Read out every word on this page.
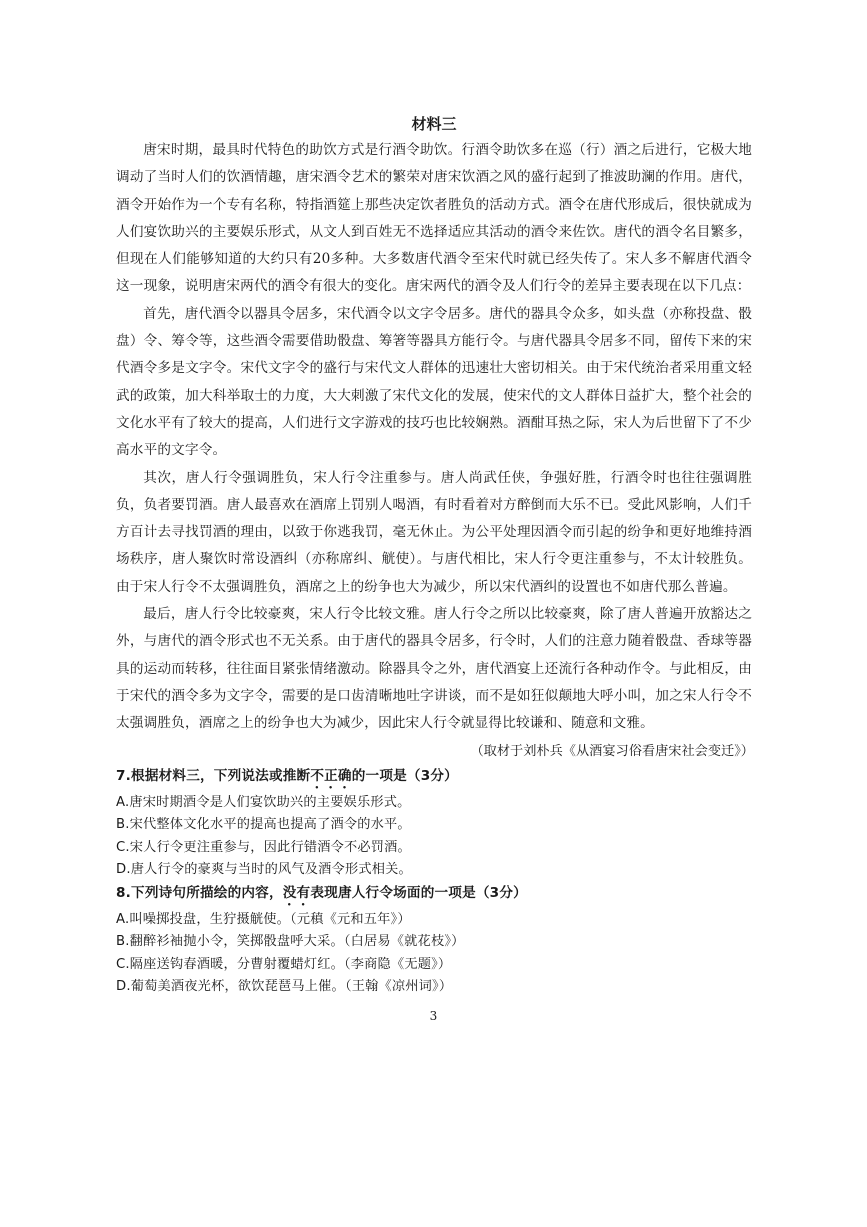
材料三

唐宋时期，最具时代特色的助饮方式是行酒令助饮。行酒令助饮多在巡（行）酒之后进行，它极大地调动了当时人们的饮酒情趣，唐宋酒令艺术的繁荣对唐宋饮酒之风的盛行起到了推波助澜的作用。唐代，酒令开始作为一个专有名称，特指酒筵上那些决定饮者胜负的活动方式。酒令在唐代形成后，很快就成为人们宴饮助兴的主要娱乐形式，从文人到百姓无不选择适应其活动的酒令来佐饮。唐代的酒令名目繁多，但现在人们能够知道的大约只有20多种。大多数唐代酒令至宋代时就已经失传了。宋人多不解唐代酒令这一现象，说明唐宋两代的酒令有很大的变化。唐宋两代的酒令及人们行令的差异主要表现在以下几点：

首先，唐代酒令以器具令居多，宋代酒令以文字令居多。唐代的器具令众多，如头盘（亦称投盘、骰盘）令、筹令等，这些酒令需要借助骰盘、筹箸等器具方能行令。与唐代器具令居多不同，留传下来的宋代酒令多是文字令。宋代文字令的盛行与宋代文人群体的迅速壮大密切相关。由于宋代统治者采用重文轻武的政策，加大科举取士的力度，大大刺激了宋代文化的发展，使宋代的文人群体日益扩大，整个社会的文化水平有了较大的提高，人们进行文字游戏的技巧也比较娴熟。酒酣耳热之际，宋人为后世留下了不少高水平的文字令。

其次，唐人行令强调胜负，宋人行令注重参与。唐人尚武任侠，争强好胜，行酒令时也往往强调胜负，负者要罚酒。唐人最喜欢在酒席上罚别人喝酒，有时看着对方醉倒而大乐不已。受此风影响，人们千方百计去寻找罚酒的理由，以致于你逃我罚，毫无休止。为公平处理因酒令而引起的纷争和更好地维持酒场秩序，唐人聚饮时常设酒纠（亦称席纠、觥使）。与唐代相比，宋人行令更注重参与，不太计较胜负。由于宋人行令不太强调胜负，酒席之上的纷争也大为减少，所以宋代酒纠的设置也不如唐代那么普遍。

最后，唐人行令比较豪爽，宋人行令比较文雅。唐人行令之所以比较豪爽，除了唐人普遍开放豁达之外，与唐代的酒令形式也不无关系。由于唐代的器具令居多，行令时，人们的注意力随着骰盘、香球等器具的运动而转移，往往面目紧张情绪激动。除器具令之外，唐代酒宴上还流行各种动作令。与此相反，由于宋代的酒令多为文字令，需要的是口齿清晰地吐字讲谈，而不是如狂似颠地大呼小叫，加之宋人行令不太强调胜负，酒席之上的纷争也大为减少，因此宋人行令就显得比较谦和、随意和文雅。

（取材于刘朴兵《从酒宴习俗看唐宋社会变迁》）

7.根据材料三，下列说法或推断不正确的一项是（3分）

A.唐宋时期酒令是人们宴饮助兴的主要娱乐形式。

B.宋代整体文化水平的提高也提高了酒令的水平。

C.宋人行令更注重参与，因此行错酒令不必罚酒。

D.唐人行令的豪爽与当时的风气及酒令形式相关。

8.下列诗句所描绘的内容，没有表现唐人行令场面的一项是（3分）

A.叫噪掷投盘，生狞摄觥使。（元稹《元和五年》）

B.翻醉衫袖抛小令，笑掷骰盘呼大采。（白居易《就花枝》）

C.隔座送钩春酒暖，分曹射覆蜡灯红。（李商隐《无题》）

D.葡萄美酒夜光杯，欲饮琵琶马上催。（王翰《凉州词》）

3
